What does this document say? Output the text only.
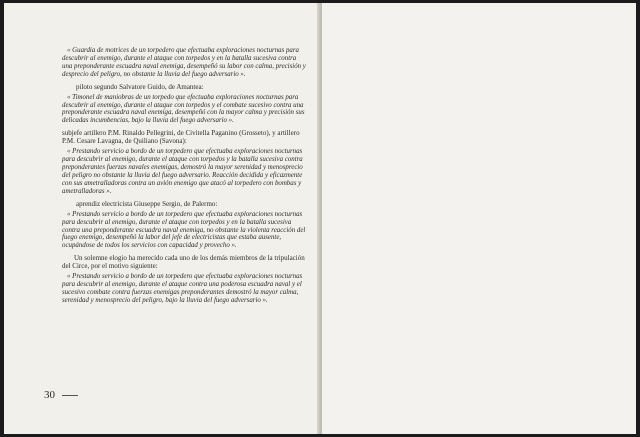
« Guardia de motrices de un torpedero que efectuaba exploraciones nocturnas para descubrir al enemigo, durante el ataque con torpedos y en la batalla sucesiva contra una preponderante escuadra naval enemiga, desempeñó su labor con calma, precisión y desprecio del peligro, no obstante la lluvia del fuego adversario ».

piloto segundo Salvatore Guido, de Amantea:

« Timonel de maniobras de un torpedo que efectuaba exploraciones nocturnas para descubrir al enemigo, durante el ataque con torpedos y el combate sucesivo contra una preponderante escuadra naval enemiga, desempeñó con la mayor calma y precisión sus delicadas incumbencias, bajo la lluvia del fuego adversario ».

subjefe artillero P.M. Rinaldo Pellegrini, de Civitella Paganino (Grosseto), y artillero P.M. Cesare Lavagna, de Quiliano (Savona):

« Prestando servicio a bordo de un torpedero que efectuaba exploraciones nocturnas para descubrir al enemigo, durante el ataque con torpedos y la batalla sucesiva contra preponderantes fuerzas navales enemigas, demostró la mayor serenidad y menosprecio del peligro no obstante la lluvia del fuego adversario. Reacción decidida y eficazmente con sus ametralladoras contra un avión enemigo que atacó al torpedero con bombas y ametralladoras ».

aprendiz electricista Giuseppe Sergio, de Palermo:

« Prestando servicio a bordo de un torpedero que efectuaba exploraciones nocturnas para descubrir al enemigo, durante el ataque con torpedos y en la batalla sucesiva contra una preponderante escuadra naval enemiga, no obstante la violenta reacción del fuego enemigo, desempeñó la labor del jefe de electricistas que estaba ausente, ocupándose de todos los servicios con capacidad y provecho ».

Un solemne elogio ha merecido cada uno de los demás miembros de la tripulación del Circe, por el motivo siguiente:

« Prestando servicio a bordo de un torpedero que efectuaba exploraciones nocturnas para descubrir al enemigo, durante el ataque contra una poderosa escuadra naval y el sucesivo combate contra fuerzas enemigas preponderantes demostró la mayor calma, serenidad y menosprecio del peligro, bajo la lluvia del fuego adversario ».

30
